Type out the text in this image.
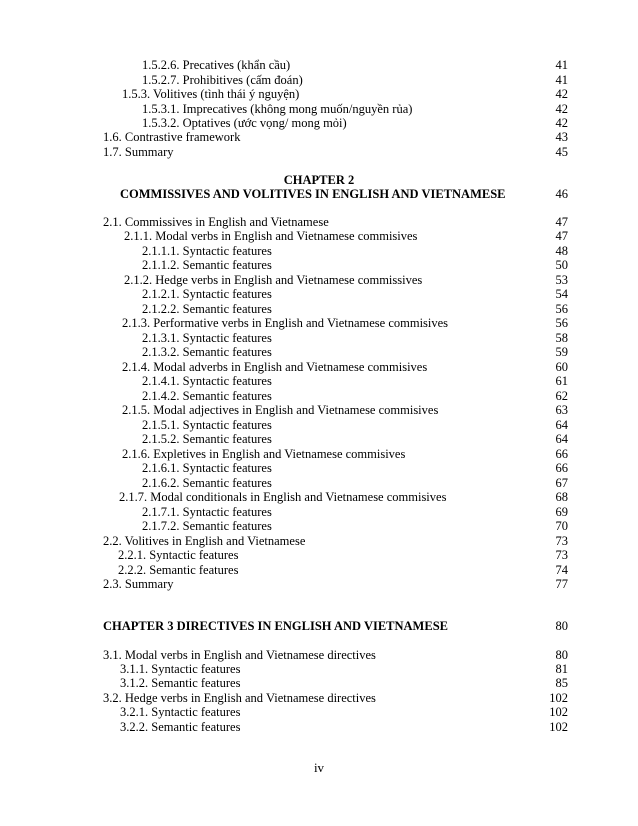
1.5.2.6. Precatives (khẩn cầu)	41
1.5.2.7. Prohibitives (cấm đoán)	41
1.5.3. Volitives (tình thái ý nguyện)	42
1.5.3.1. Imprecatives (không mong muốn/nguyền rủa)	42
1.5.3.2. Optatives (ước vọng/ mong mỏi)	42
1.6. Contrastive framework	43
1.7. Summary	45
CHAPTER 2
COMMISSIVES AND VOLITIVES IN ENGLISH AND VIETNAMESE	46
2.1. Commissives in English and Vietnamese	47
2.1.1. Modal verbs in English and Vietnamese commisives	47
2.1.1.1. Syntactic features	48
2.1.1.2. Semantic features	50
2.1.2. Hedge verbs in English and Vietnamese commissives	53
2.1.2.1. Syntactic features	54
2.1.2.2. Semantic features	56
2.1.3. Performative verbs in English and Vietnamese commisives	56
2.1.3.1. Syntactic features	58
2.1.3.2. Semantic features	59
2.1.4. Modal adverbs in English and Vietnamese commisives	60
2.1.4.1. Syntactic features	61
2.1.4.2. Semantic features	62
2.1.5. Modal adjectives in English and Vietnamese commisives	63
2.1.5.1. Syntactic features	64
2.1.5.2. Semantic features	64
2.1.6. Expletives in English and Vietnamese commisives	66
2.1.6.1. Syntactic features	66
2.1.6.2. Semantic features	67
2.1.7. Modal conditionals in English and Vietnamese commisives	68
2.1.7.1. Syntactic features	69
2.1.7.2. Semantic features	70
2.2. Volitives in English and Vietnamese	73
2.2.1. Syntactic features	73
2.2.2. Semantic features	74
2.3. Summary	77
CHAPTER 3 DIRECTIVES IN ENGLISH AND VIETNAMESE	80
3.1. Modal verbs in English and Vietnamese directives	80
3.1.1. Syntactic features	81
3.1.2. Semantic features	85
3.2. Hedge verbs in English and Vietnamese directives	102
3.2.1. Syntactic features	102
3.2.2. Semantic features	102
iv
